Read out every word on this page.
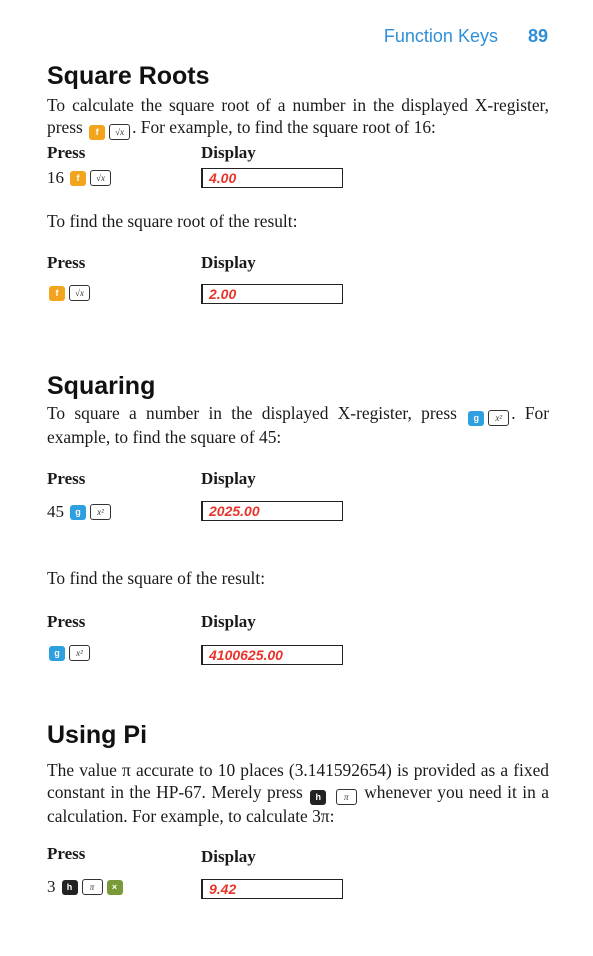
Function Keys 89
Square Roots
To calculate the square root of a number in the displayed X-register, press f √x . For example, to find the square root of 16:
Press	Display
16	f	√x	4.00
To find the square root of the result:
Press	Display
f	√x	2.00
Squaring
To square a number in the displayed X-register, press g x² . For example, to find the square of 45:
Press	Display
45	g	x²	2025.00
To find the square of the result:
Press	Display
g	x²	4100625.00
Using Pi
The value π accurate to 10 places (3.141592654) is provided as a fixed constant in the HP-67. Merely press h	π whenever you need it in a calculation. For example, to calculate 3π:
Press	Display
3	h	π	×	9.42
